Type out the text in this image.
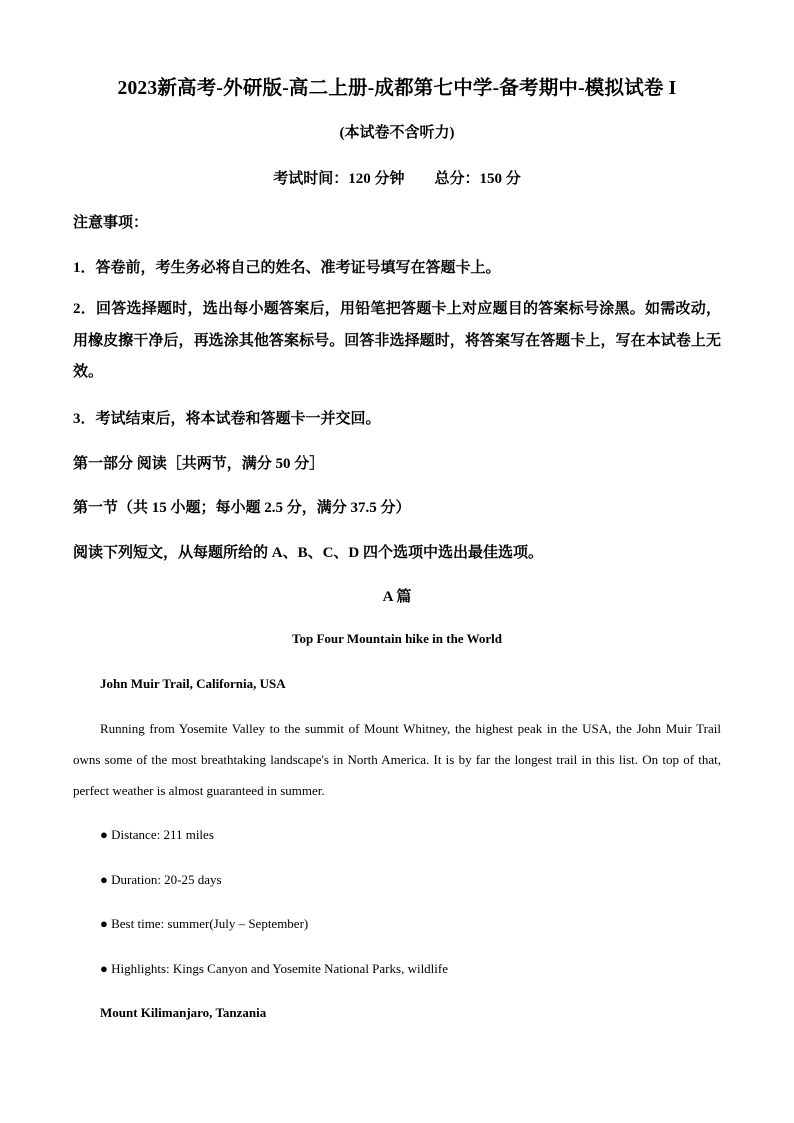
2023新高考-外研版-高二上册-成都第七中学-备考期中-模拟试卷 I
(本试卷不含听力)
考试时间：120 分钟 总分：150 分
注意事项：
1．答卷前，考生务必将自己的姓名、准考证号填写在答题卡上。
2．回答选择题时，选出每小题答案后，用铅笔把答题卡上对应题目的答案标号涂黑。如需改动，用橡皮擦干净后，再选涂其他答案标号。回答非选择题时，将答案写在答题卡上，写在本试卷上无效。
3．考试结束后，将本试卷和答题卡一并交回。
第一部分 阅读［共两节，满分 50 分］
第一节（共 15 小题；每小题 2.5 分，满分 37.5 分）
阅读下列短文，从每题所给的 A、B、C、D 四个选项中选出最佳选项。
A 篇
Top Four Mountain hike in the World
John Muir Trail, California, USA
Running from Yosemite Valley to the summit of Mount Whitney, the highest peak in the USA, the John Muir Trail owns some of the most breathtaking landscape's in North America. It is by far the longest trail in this list. On top of that, perfect weather is almost guaranteed in summer.
● Distance: 211 miles
● Duration: 20-25 days
● Best time: summer(July – September)
● Highlights: Kings Canyon and Yosemite National Parks, wildlife
Mount Kilimanjaro, Tanzania
